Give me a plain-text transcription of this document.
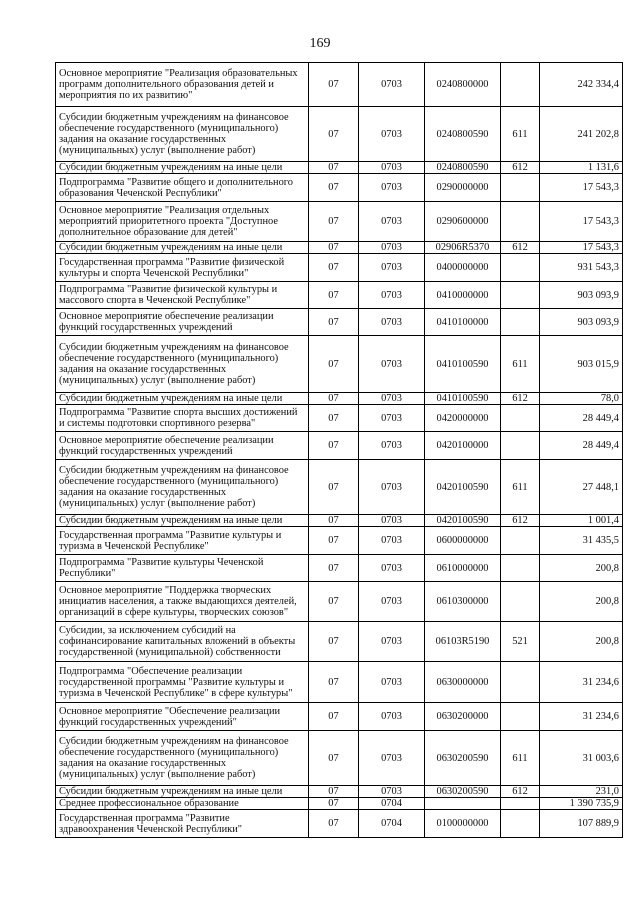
169
Основное мероприятие "Реализация образовательных программ дополнительного образования детей и мероприятия по их развитию"	07	0703	0240800000		242 334,4
Субсидии бюджетным учреждениям на финансовое обеспечение государственного (муниципального) задания на оказание государственных (муниципальных) услуг (выполнение работ)	07	0703	0240800590	611	241 202,8
Субсидии бюджетным учреждениям на иные цели	07	0703	0240800590	612	1 131,6
Подпрограмма "Развитие общего и дополнительного образования Чеченской Республики"	07	0703	0290000000		17 543,3
Основное мероприятие "Реализация отдельных мероприятий приоритетного проекта "Доступное дополнительное образование для детей"	07	0703	0290600000		17 543,3
Субсидии бюджетным учреждениям на иные цели	07	0703	02906R5370	612	17 543,3
Государственная программа "Развитие физической культуры и спорта Чеченской Республики"	07	0703	0400000000		931 543,3
Подпрограмма "Развитие физической культуры и массового спорта в Чеченской Республике"	07	0703	0410000000		903 093,9
Основное мероприятие обеспечение реализации функций государственных учреждений	07	0703	0410100000		903 093,9
Субсидии бюджетным учреждениям на финансовое обеспечение государственного (муниципального) задания на оказание государственных (муниципальных) услуг (выполнение работ)	07	0703	0410100590	611	903 015,9
Субсидии бюджетным учреждениям на иные цели	07	0703	0410100590	612	78,0
Подпрограмма "Развитие спорта высших достижений и системы подготовки спортивного резерва"	07	0703	0420000000		28 449,4
Основное мероприятие обеспечение реализации функций государственных учреждений	07	0703	0420100000		28 449,4
Субсидии бюджетным учреждениям на финансовое обеспечение государственного (муниципального) задания на оказание государственных (муниципальных) услуг (выполнение работ)	07	0703	0420100590	611	27 448,1
Субсидии бюджетным учреждениям на иные цели	07	0703	0420100590	612	1 001,4
Государственная программа "Развитие культуры и туризма в Чеченской Республике"	07	0703	0600000000		31 435,5
Подпрограмма "Развитие культуры Чеченской Республики"	07	0703	0610000000		200,8
Основное мероприятие "Поддержка творческих инициатив населения, а также выдающихся деятелей, организаций в сфере культуры, творческих союзов"	07	0703	0610300000		200,8
Субсидии, за исключением субсидий на софинансирование капитальных вложений в объекты государственной (муниципальной) собственности	07	0703	06103R5190	521	200,8
Подпрограмма "Обеспечение реализации государственной программы "Развитие культуры и туризма в Чеченской Республике" в сфере культуры"	07	0703	0630000000		31 234,6
Основное мероприятие "Обеспечение реализации функций государственных учреждений"	07	0703	0630200000		31 234,6
Субсидии бюджетным учреждениям на финансовое обеспечение государственного (муниципального) задания на оказание государственных (муниципальных) услуг (выполнение работ)	07	0703	0630200590	611	31 003,6
Субсидии бюджетным учреждениям на иные цели	07	0703	0630200590	612	231,0
Среднее профессиональное образование	07	0704			1 390 735,9
Государственная программа "Развитие здравоохранения Чеченской Республики"	07	0704	0100000000		107 889,9
